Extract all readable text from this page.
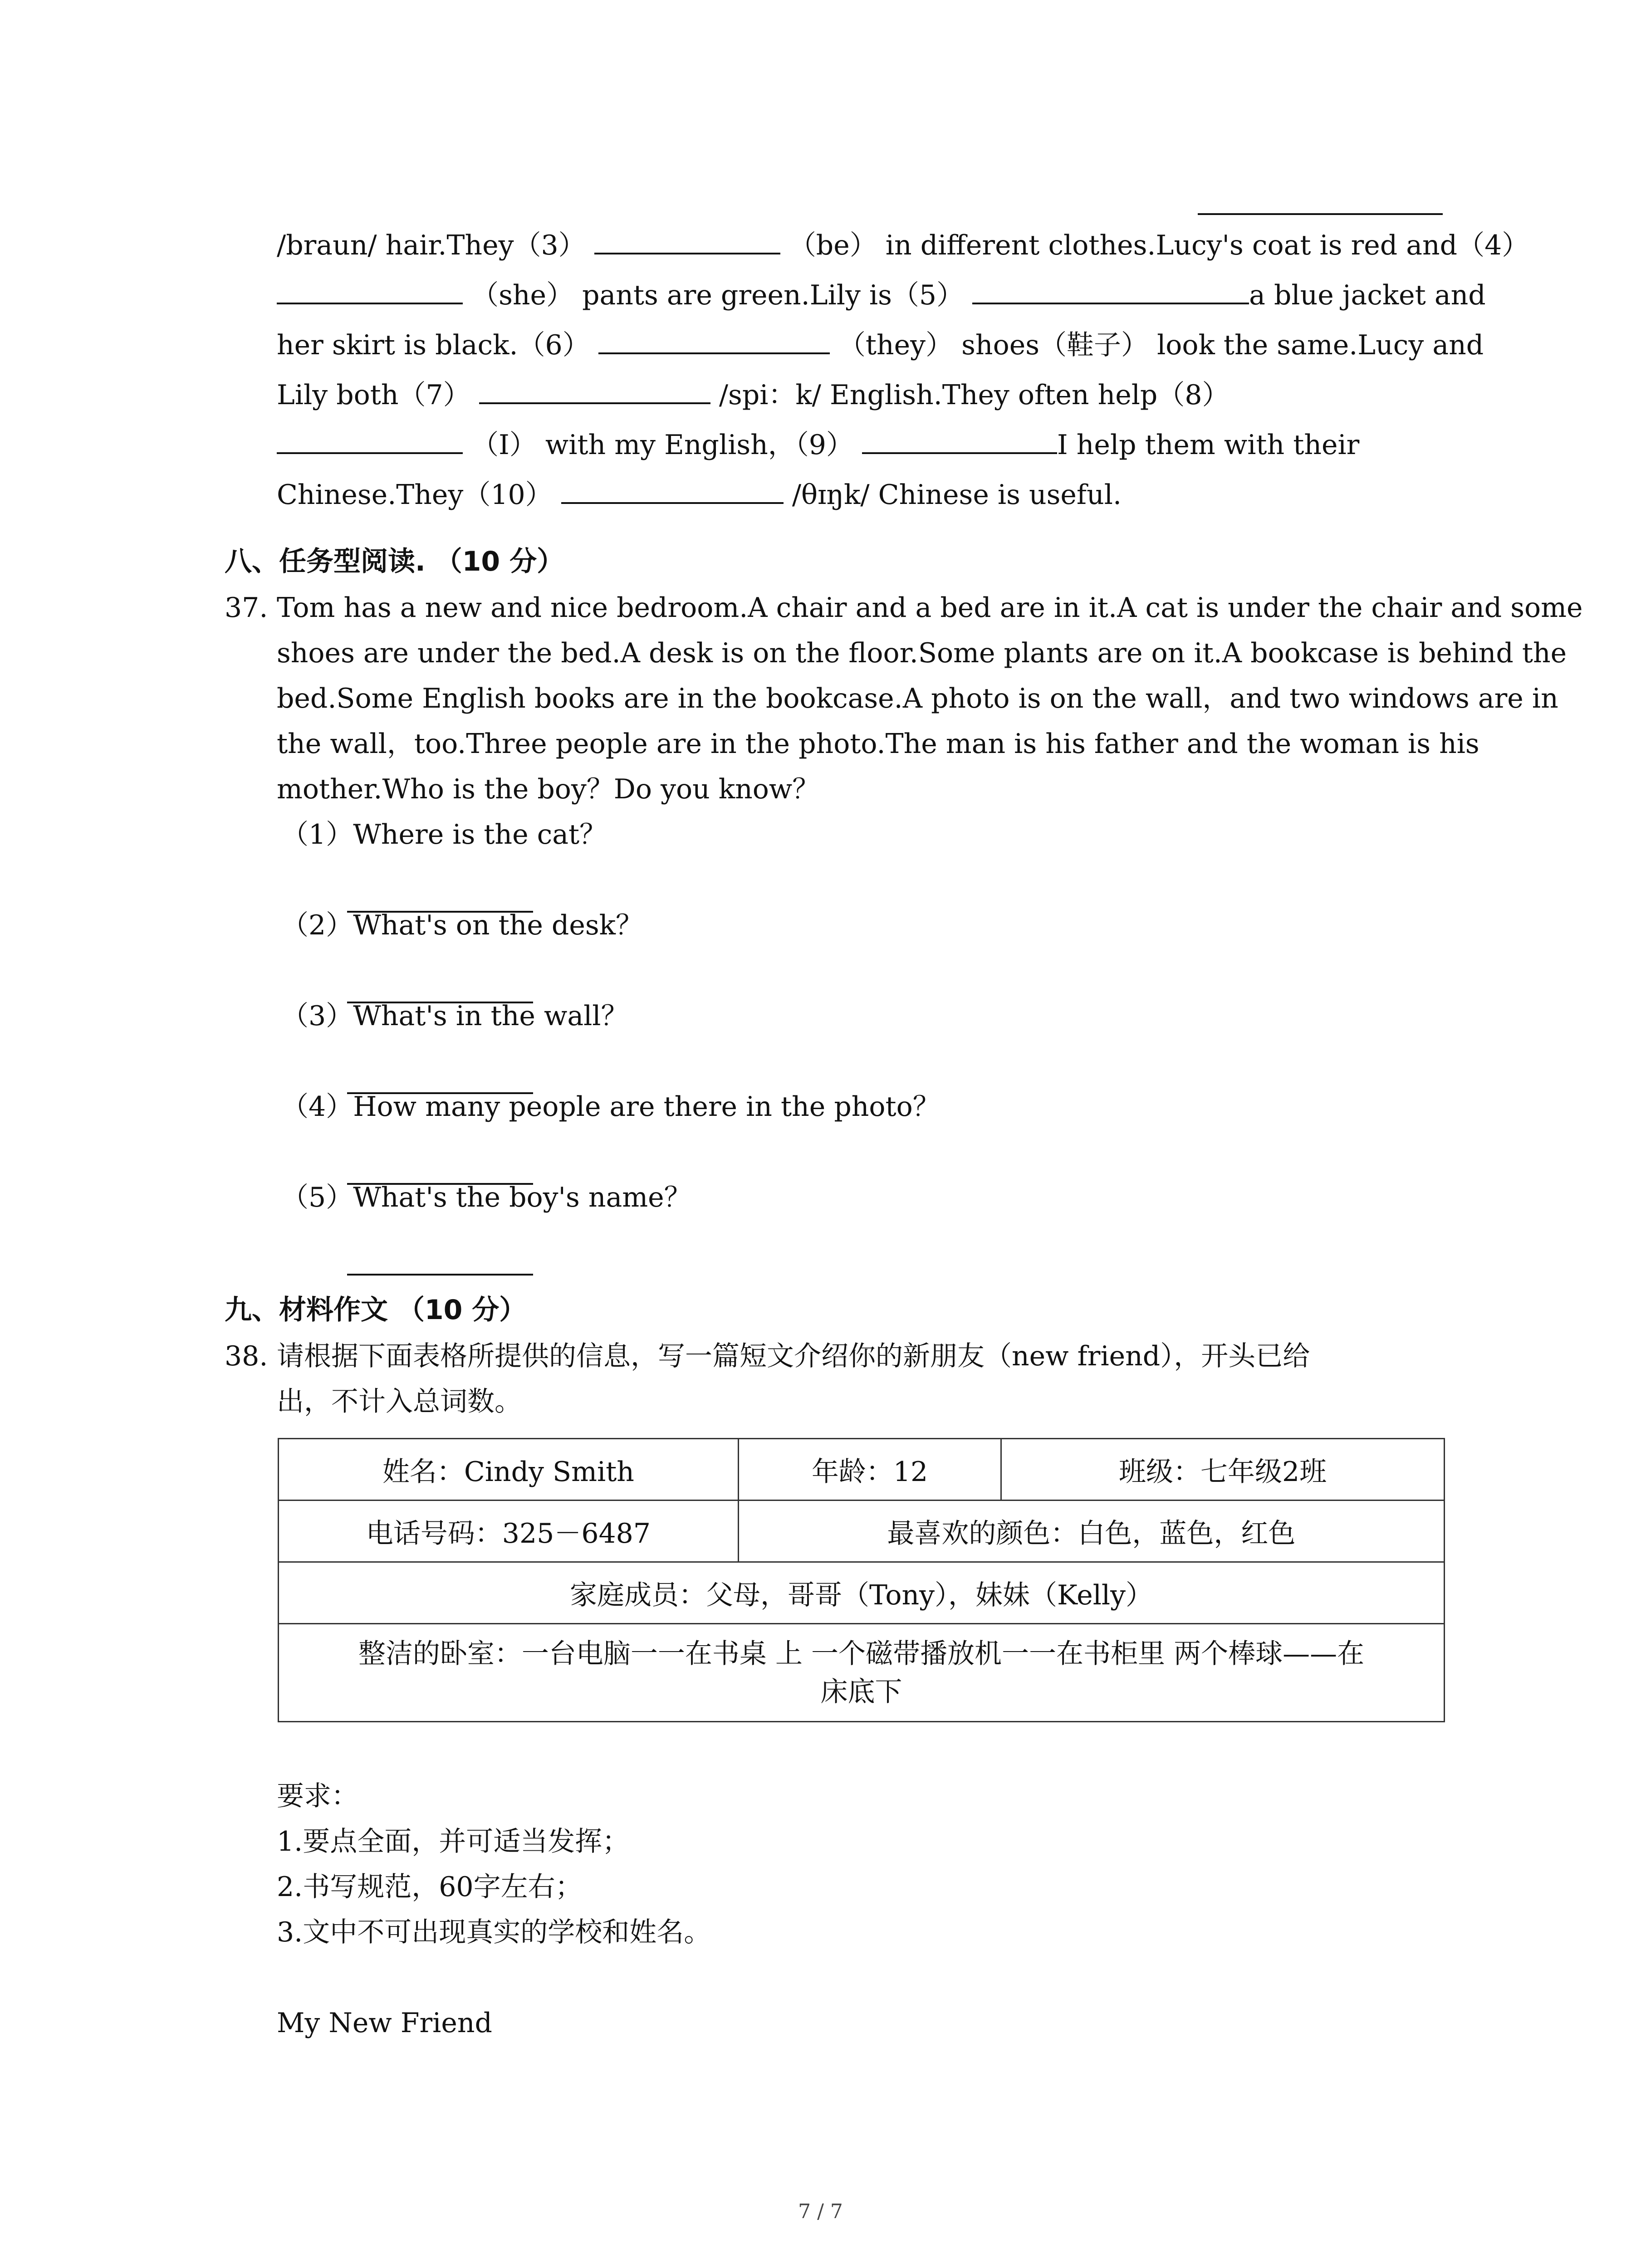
/braun/ hair.They（3）	（be） in different clothes.Lucy's coat is red and（4）
（she） pants are green.Lily is（5）	a blue jacket and
her skirt is black.（6）	（they） shoes（鞋子） look the same.Lucy and
Lily both（7）	/spi：k/ English.They often help（8）
（I） with my English，（9）	I help them with their
Chinese.They（10）	/θɪŋk/ Chinese is useful.
八、任务型阅读. （10 分）
37. Tom has a new and nice bedroom.A chair and a bed are in it.A cat is under the chair and some
shoes are under the bed.A desk is on the floor.Some plants are on it.A bookcase is behind the
bed.Some English books are in the bookcase.A photo is on the wall，and two windows are in
the wall，too.Three people are in the photo.The man is his father and the woman is his
mother.Who is the boy？Do you know？
（1）Where is the cat？
（2）What's on the desk？
（3）What's in the wall？
（4）How many people are there in the photo？
（5）What's the boy's name？
九、材料作文 （10 分）
38. 请根据下面表格所提供的信息，写一篇短文介绍你的新朋友（new friend），开头已给
出，不计入总词数。
姓名：Cindy Smith	年龄：12	班级：七年级2班
电话号码：325－6487	最喜欢的颜色：白色，蓝色，红色	
家庭成员：父母，哥哥（Tony），妹妹（Kelly）		

整洁的卧室：一台电脑一一在书桌 上 一个磁带播放机一一在书柜里 两个棒球——在
床底下		
要求：
1.要点全面，并可适当发挥；
2.书写规范，60字左右；
3.文中不可出现真实的学校和姓名。
My New Friend
7 / 7
